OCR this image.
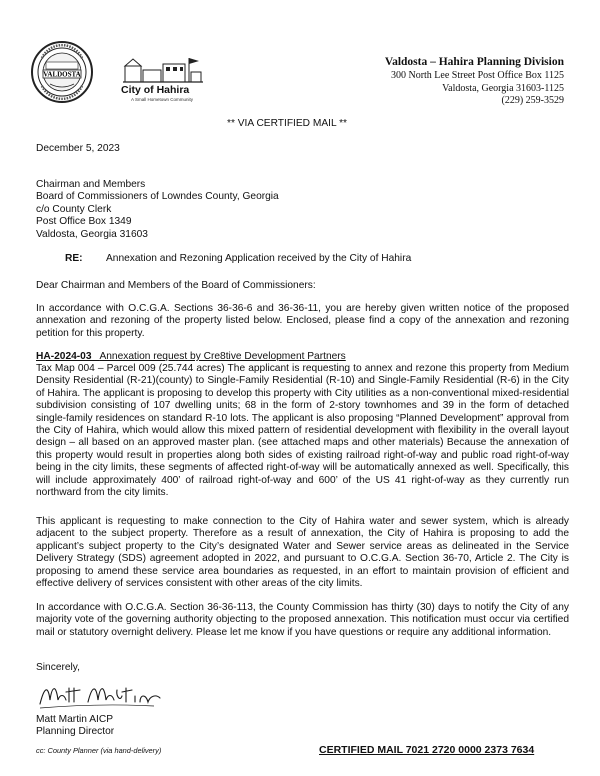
VALDOSTA
City of Hahira
A Small Hometown Community
Valdosta – Hahira Planning Division
300 North Lee Street Post Office Box 1125
Valdosta, Georgia 31603-1125
(229) 259-3529
** VIA CERTIFIED MAIL **
December 5, 2023
Chairman and Members
Board of Commissioners of Lowndes County, Georgia
c/o County Clerk
Post Office Box 1349
Valdosta, Georgia 31603
RE: Annexation and Rezoning Application received by the City of Hahira
Dear Chairman and Members of the Board of Commissioners:
In accordance with O.C.G.A. Sections 36-36-6 and 36-36-11, you are hereby given written notice of the proposed annexation and rezoning of the property listed below. Enclosed, please find a copy of the annexation and rezoning petition for this property.
HA-2024-03 Annexation request by Cre8tive Development Partners
Tax Map 004 – Parcel 009 (25.744 acres) The applicant is requesting to annex and rezone this property from Medium Density Residential (R-21)(county) to Single-Family Residential (R-10) and Single-Family Residential (R-6) in the City of Hahira. The applicant is proposing to develop this property with City utilities as a non-conventional mixed-residential subdivision consisting of 107 dwelling units; 68 in the form of 2-story townhomes and 39 in the form of detached single-family residences on standard R-10 lots. The applicant is also proposing “Planned Development” approval from the City of Hahira, which would allow this mixed pattern of residential development with flexibility in the overall layout design – all based on an approved master plan. (see attached maps and other materials) Because the annexation of this property would result in properties along both sides of existing railroad right-of-way and public road right-of-way being in the city limits, these segments of affected right-of-way will be automatically annexed as well. Specifically, this will include approximately 400’ of railroad right-of-way and 600’ of the US 41 right-of-way as they currently run northward from the city limits.
This applicant is requesting to make connection to the City of Hahira water and sewer system, which is already adjacent to the subject property. Therefore as a result of annexation, the City of Hahira is proposing to add the applicant’s subject property to the City’s designated Water and Sewer service areas as delineated in the Service Delivery Strategy (SDS) agreement adopted in 2022, and pursuant to O.C.G.A. Section 36-70, Article 2. The City is proposing to amend these service area boundaries as requested, in an effort to maintain provision of efficient and effective delivery of services consistent with other areas of the city limits.
In accordance with O.C.G.A. Section 36-36-113, the County Commission has thirty (30) days to notify the City of any majority vote of the governing authority objecting to the proposed annexation. This notification must occur via certified mail or statutory overnight delivery. Please let me know if you have questions or require any additional information.
Sincerely,
Matt Martin AICP
Planning Director
cc: County Planner (via hand-delivery)	CERTIFIED MAIL 7021 2720 0000 2373 7634
